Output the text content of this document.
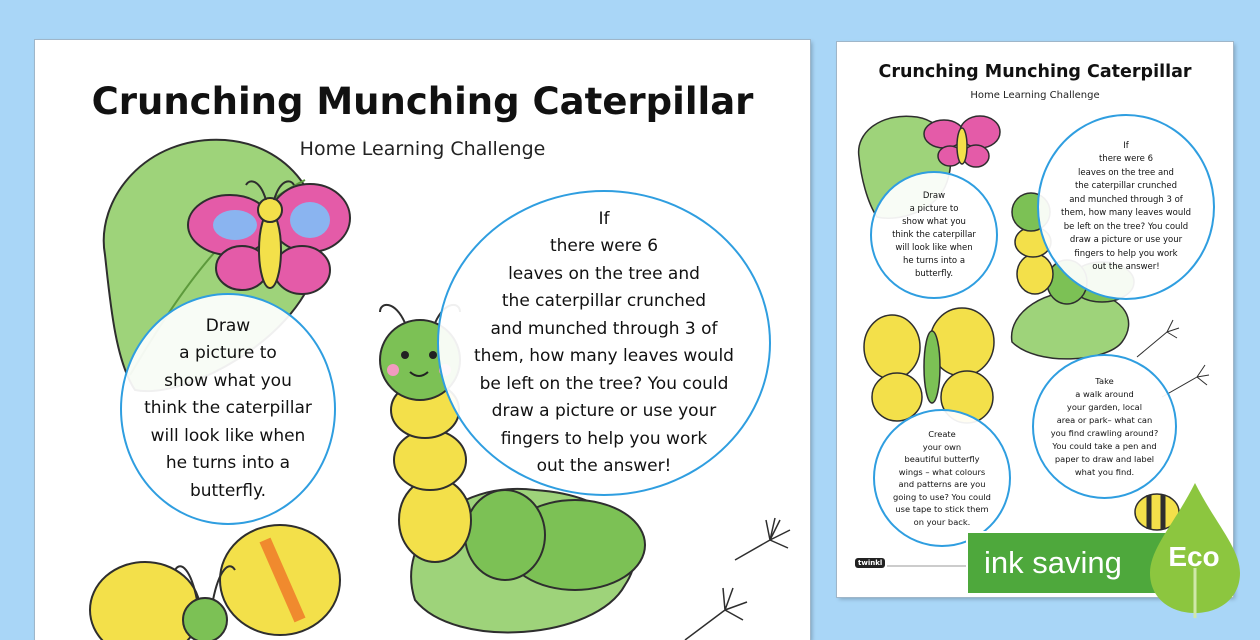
Crunching Munching Caterpillar
Home Learning Challenge
Draw
a picture to
show what you
think the caterpillar
will look like when
he turns into a
butterfly.
If
there were 6
leaves on the tree and
the caterpillar crunched
and munched through 3 of
them, how many leaves would
be left on the tree? You could
draw a picture or use your
fingers to help you work
out the answer!
Crunching Munching Caterpillar
Home Learning Challenge
Draw
a picture to
show what you
think the caterpillar
will look like when
he turns into a
butterfly.
If
there were 6
leaves on the tree and
the caterpillar crunched
and munched through 3 of
them, how many leaves would
be left on the tree? You could
draw a picture or use your
fingers to help you work
out the answer!
Create
your own
beautiful butterfly
wings – what colours
and patterns are you
going to use? You could
use tape to stick them
on your back.
Take
a walk around
your garden, local
area or park– what can
you find crawling around?
You could take a pen and
paper to draw and label
what you find.
twinkl	ink saving Eco
